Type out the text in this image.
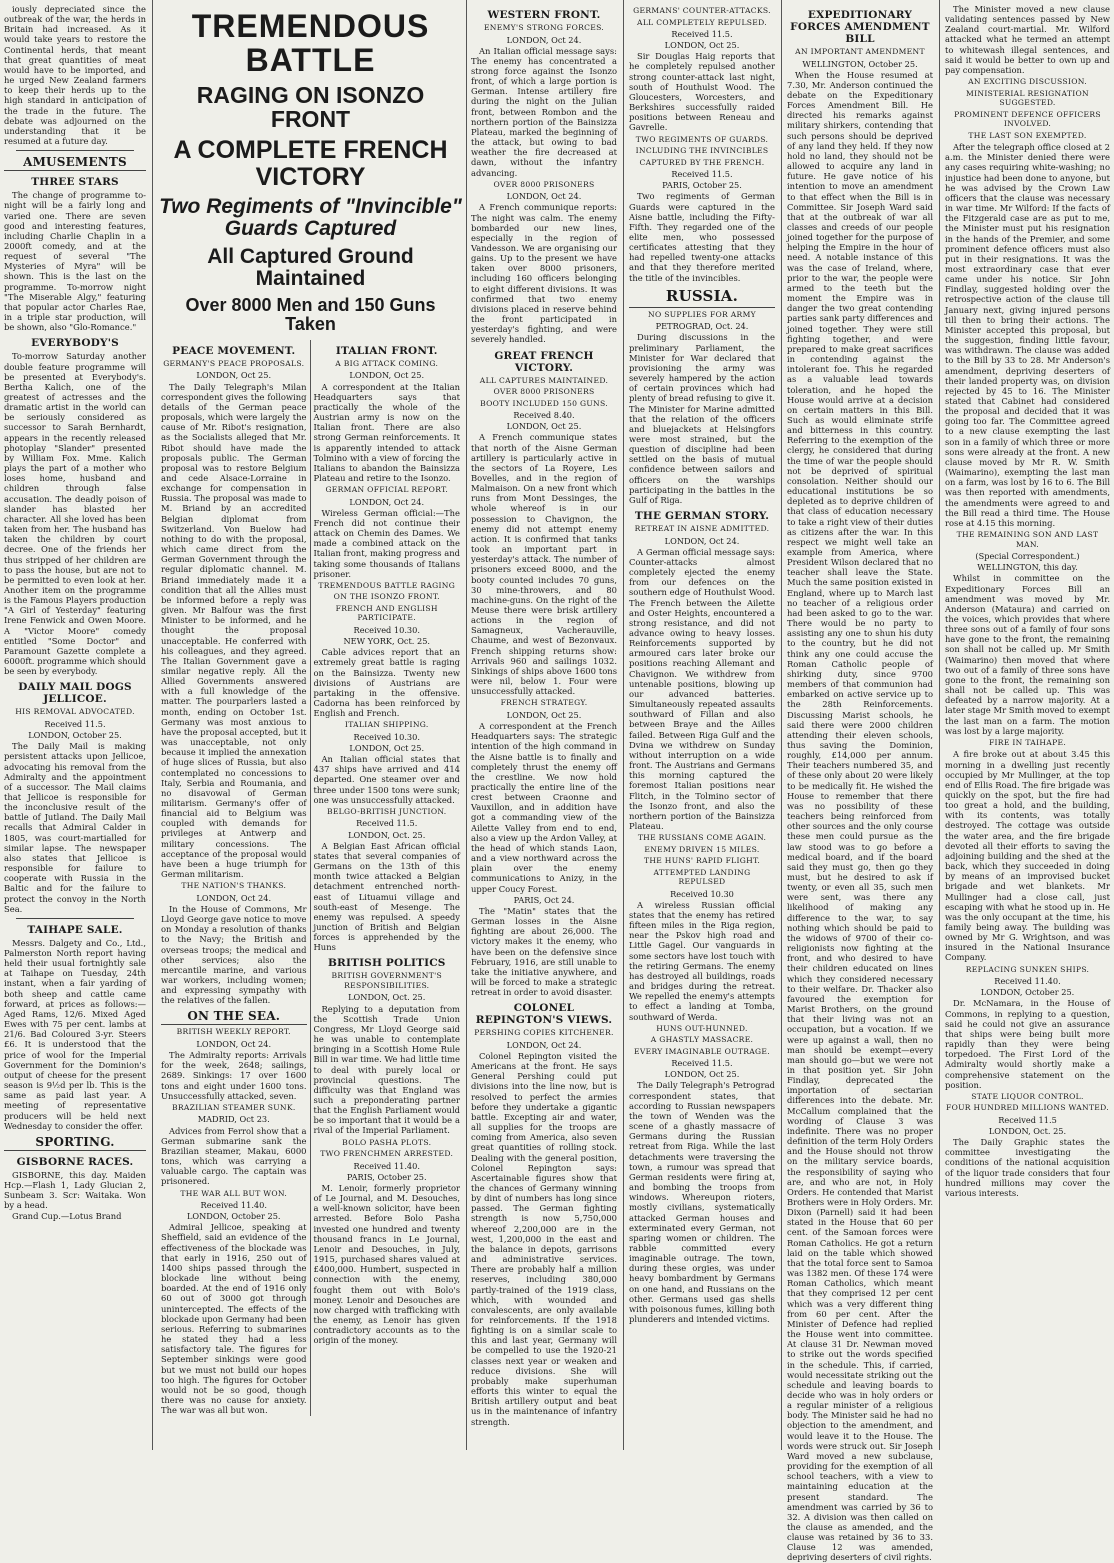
iously depreciated since the outbreak of the war, the herds in Britain had increased. As it would take years to restore the Continental herds, that meant that great quantities of meat would have to be imported, and he urged New Zealand farmers to keep their herds up to the high standard in anticipation of the trade in the future. The debate was adjourned on the understanding that it be resumed at a future day.

AMUSEMENTS
THREE STARS

The change of programme to-night will be a fairly long and varied one. There are seven good and interesting features, including Charlie Chaplin in a 2000ft comedy, and at the request of several "The Mysteries of Myra" will be shown. This is the last on the programme. To-morrow night "The Miserable Algy," featuring that popular actor Charles Rae, in a triple star production, will be shown, also "Glo-Romance."

EVERYBODY'S

To-morrow Saturday another double feature programme will be presented at Everybody's. Bertha Kalich, one of the greatest of actresses and the dramatic artist in the world can be seriously considered as successor to Sarah Bernhardt, appears in the recently released photoplay "Slander" presented by William Fox. Mme. Kalich plays the part of a mother who loses home, husband and children through false accusation. The deadly poison of slander has blasted her character. All she loved has been taken from her. The husband has taken the children by court decree. One of the friends her thus stripped of her children are to pass the house, but are not to be permitted to even look at her. Another item on the programme is the Famous Players production "A Girl of Yesterday" featuring Irene Fenwick and Owen Moore. A "Victor Moore" comedy entitled "Some Doctor" and Paramount Gazette complete a 6000ft. programme which should be seen by everybody.

DAILY MAIL DOGS JELLICOE.
HIS REMOVAL ADVOCATED.
Received 11.5.
LONDON, October 25.

The Daily Mail is making persistent attacks upon Jellicoe, advocating his removal from the Admiralty and the appointment of a successor. The Mail claims that Jellicoe is responsible for the inconclusive result of the battle of Jutland. The Daily Mail recalls that Admiral Calder in 1805, was court-martialled for similar lapse. The newspaper also states that Jellicoe is responsible for failure to cooperate with Russia in the Baltic and for the failure to protect the convoy in the North Sea.

TAIHAPE SALE.

Messrs. Dalgety and Co., Ltd., Palmerston North report having held their usual fortnightly sale at Taihape on Tuesday, 24th instant, when a fair yarding of both sheep and cattle came forward, at prices as follows:—Aged Rams, 12/6. Mixed Aged Ewes with 75 per cent. lambs at 21/6. Bad Coloured 3-yr. Steers £6. It is understood that the price of wool for the Imperial Government for the Dominion's output of cheese for the present season is 9½d per lb. This is the same as paid last year. A meeting of representative producers will be held next Wednesday to consider the offer.

SPORTING.
GISBORNE RACES.

GISBORNE, this day. Maiden Hcp.—Flash 1, Lady Glucian 2, Sunbeam 3. Scr: Waitaka. Won by a head.

Grand Cup.—Lotus Brand

TREMENDOUS BATTLE
RAGING ON ISONZO FRONT
A COMPLETE FRENCH VICTORY
Two Regiments of "Invincible" Guards Captured
All Captured Ground Maintained
Over 8000 Men and 150 Guns Taken
PEACE MOVEMENT.
GERMANY'S PEACE PROPOSALS.
LONDON, Oct 25.

The Daily Telegraph's Milan correspondent gives the following details of the German peace proposals, which were largely the cause of Mr. Ribot's resignation, as the Socialists alleged that Mr. Ribot should have made the proposals public. The German proposal was to restore Belgium and cede Alsace-Lorraine in exchange for compensation in Russia. The proposal was made to M. Briand by an accredited Belgian diplomat from Switzerland. Von Buelow had nothing to do with the proposal, which came direct from the German Government through the regular diplomatic channel. M. Briand immediately made it a condition that all the Allies must be informed before a reply was given. Mr Balfour was the first Minister to be informed, and he thought the proposal unacceptable. He conferred with his colleagues, and they agreed. The Italian Government gave a similar negative reply. All the Allied Governments answered with a full knowledge of the matter. The pourparlers lasted a month, ending on October 1st. Germany was most anxious to have the proposal accepted, but it was unacceptable, not only because it implied the annexation of huge slices of Russia, but also contemplated no concessions to Italy, Serbia and Roumania, and no disavowal of German militarism. Germany's offer of financial aid to Belgium was coupled with demands for privileges at Antwerp and military concessions. The acceptance of the proposal would have been a huge triumph for German militarism.

THE NATION'S THANKS.
LONDON, Oct 24.

In the House of Commons, Mr Lloyd George gave notice to move on Monday a resolution of thanks to the Navy; the British and overseas troops; the medical and other services; also the mercantile marine, and various war workers, including women; and expressing sympathy with the relatives of the fallen.

ON THE SEA.
BRITISH WEEKLY REPORT.
LONDON, Oct 24.

The Admiralty reports: Arrivals for the week, 2648; sailings, 2689. Sinkings: 17 over 1600 tons and eight under 1600 tons. Unsuccessfully attacked, seven.

BRAZILIAN STEAMER SUNK.
MADRID, Oct 23.

Advices from Ferrol show that a German submarine sank the Brazilian steamer, Makau, 6000 tons, which was carrying a valuable cargo. The captain was prisonered.

THE WAR ALL BUT WON.
Received 11.40.
LONDON, October 25.

Admiral Jellicoe, speaking at Sheffield, said an evidence of the effectiveness of the blockade was that early in 1916, 250 out of 1400 ships passed through the blockade line without being boarded. At the end of 1916 only 60 out of 3000 got through unintercepted. The effects of the blockade upon Germany had been serious. Referring to submarines he stated they had a less satisfactory tale. The figures for September sinkings were good but we must not build our hopes too high. The figures for October would not be so good, though there was no cause for anxiety. The war was all but won.

ITALIAN FRONT.
A BIG ATTACK COMING.
LONDON, Oct 25.

A correspondent at the Italian Headquarters says that practically the whole of the Austrian army is now on the Italian front. There are also strong German reinforcements. It is apparently intended to attack Tolmino with a view of forcing the Italians to abandon the Bainsizza Plateau and retire to the Isonzo.

GERMAN OFFICIAL REPORT.
LONDON, Oct 24.

Wireless German official:—The French did not continue their attack on Chemin des Dames. We made a combined attack on the Italian front, making progress and taking some thousands of Italians prisoner.

TREMENDOUS BATTLE RAGING
ON THE ISONZO FRONT.
FRENCH AND ENGLISH PARTICIPATE.
Received 10.30.
NEW YORK, Oct. 25.

Cable advices report that an extremely great battle is raging on the Bainsizza. Twenty new divisions of Austrians are partaking in the offensive. Cadorna has been reinforced by English and French.

ITALIAN SHIPPING.
Received 10.30.
LONDON, Oct 25.

An Italian official states that 437 ships have arrived and 414 departed. One steamer over and three under 1500 tons were sunk; one was unsuccessfully attacked.

BELGO-BRITISH JUNCTION.
Received 11.5.
LONDON, Oct. 25.

A Belgian East African official states that several companies of Germans on the 13th of this month twice attacked a Belgian detachment entrenched north-east of Lituamui village and south-east of Mesenge. The enemy was repulsed. A speedy junction of British and Belgian forces is apprehended by the Huns

BRITISH POLITICS
BRITISH GOVERNMENT'S RESPONSIBILITIES.
LONDON, Oct. 25.

Replying to a deputation from the Scottish Trade Union Congress, Mr Lloyd George said he was unable to contemplate bringing in a Scottish Home Rule Bill in war time. We had little time to deal with purely local or provincial questions. The difficulty was that England was such a preponderating partner that the English Parliament would be so important that it would be a rival of the Imperial Parliament.

BOLO PASHA PLOTS.
TWO FRENCHMEN ARRESTED.
Received 11.40.
PARIS, October 25.

M. Lenoir, formerly proprietor of Le Journal, and M. Desouches, a well-known solicitor, have been arrested. Before Bolo Pasha invested one hundred and twenty thousand francs in Le Journal, Lenoir and Desouches, in July, 1915, purchased shares valued at £400,000. Humbert, suspected in connection with the enemy, fought them out with Bolo's money. Lenoir and Desouches are now charged with trafficking with the enemy, as Lenoir has given contradictory accounts as to the origin of the money.

WESTERN FRONT.
ENEMY'S STRONG FORCES.
LONDON, Oct 24.

An Italian official message says: The enemy has concentrated a strong force against the Isonzo front, of which a large portion is German. Intense artillery fire during the night on the Julian front, between Rombon and the northern portion of the Bainsizza Plateau, marked the beginning of the attack, but owing to bad weather the fire decreased at dawn, without the infantry advancing.

OVER 8000 PRISONERS
LONDON, Oct 24.

A French communique reports: The night was calm. The enemy bombarded our new lines, especially in the region of Vandesson. We are organising our gains. Up to the present we have taken over 8000 prisoners, including 160 officers belonging to eight different divisions. It was confirmed that two enemy divisions placed in reserve behind the front participated in yesterday's fighting, and were severely handled.

GREAT FRENCH VICTORY.
ALL CAPTURES MAINTAINED.
OVER 8000 PRISONERS
BOOTY INCLUDED 150 GUNS.
Received 8.40.
LONDON, Oct 25.

A French communique states that north of the Aisne German artillery is particularly active in the sectors of La Royere, Les Bovelles, and in the region of Malmaison. On a new front which runs from Mont Dessinges, the whole whereof is in our possession to Chavignon, the enemy did not attempt enemy action. It is confirmed that tanks took an important part in yesterday's attack. The number of prisoners exceed 8000, and the booty counted includes 70 guns, 30 mine-throwers, and 80 machine-guns. On the right of the Meuse there were brisk artillery actions in the region of Samagneux, Vacherauville, Chaume, and west of Bezonvaux. French shipping returns show: Arrivals 960 and sailings 1032. Sinkings of ships above 1600 tons were nil, below 1. Four were unsuccessfully attacked.

FRENCH STRATEGY.
LONDON, Oct 25.

A correspondent at the French Headquarters says: The strategic intention of the high command in the Aisne battle is to finally and completely thrust the enemy off the crestline. We now hold practically the entire line of the crest between Craonne and Vauxillon, and in addition have got a commanding view of the Ailette Valley from end to end, also a view up the Ardon Valley, at the head of which stands Laon, and a view northward across the plain over the enemy communications to Anizy, in the upper Coucy Forest.

PARIS, Oct 24.

The "Matin" states that the German losses in the Aisne fighting are about 26,000. The victory makes it the enemy, who have been on the defensive since February, 1916, are still unable to take the initiative anywhere, and will be forced to make a strategic retreat in order to avoid disaster.

COLONEL REPINGTON'S VIEWS.
PERSHING COPIES KITCHENER.
LONDON, Oct 24.

Colonel Repington visited the Americans at the front. He says General Pershing could put divisions into the line now, but is resolved to perfect the armies before they undertake a gigantic battle. Excepting air and water, all supplies for the troops are coming from America, also seven great quantities of rolling stock. Dealing with the general position, Colonel Repington says: Ascertainable figures show that the chances of Germany winning by dint of numbers has long since passed. The German fighting strength is now 5,750,000 whereof 2,200,000 are in the west, 1,200,000 in the east and the balance in depots, garrisons and administrative services. There are probably half a million reserves, including 380,000 partly-trained of the 1919 class, which, with wounded and convalescents, are only available for reinforcements. If the 1918 fighting is on a similar scale to this and last year, Germany will be compelled to use the 1920-21 classes next year or weaken and reduce divisions. She will probably make superhuman efforts this winter to equal the British artillery output and beat us in the maintenance of infantry strength.

GERMANS' COUNTER-ATTACKS.
ALL COMPLETELY REPULSED.
Received 11.5.
LONDON, Oct 25.

Sir Douglas Haig reports that he completely repulsed another strong counter-attack last night, south of Houthulst Wood. The Gloucesters, Worcesters, and Berkshires successfully raided positions between Reneau and Gavrelle.

TWO REGIMENTS OF GUARDS.
INCLUDING THE INVINCIBLES
CAPTURED BY THE FRENCH.
Received 11.5.
PARIS, October 25.

Two regiments of German Guards were captured in the Aisne battle, including the Fifty-Fifth. They regarded one of the elite men, who possessed certificates attesting that they had repelled twenty-one attacks and that they therefore merited the title of the invincibles.

RUSSIA.
NO SUPPLIES FOR ARMY
PETROGRAD, Oct. 24.

During discussions in the preliminary Parliament, the Minister for War declared that provisioning the army was severely hampered by the action of certain provinces which had plenty of bread refusing to give it. The Minister for Marine admitted that the relation of the officers and bluejackets at Helsingfors were most strained, but the question of discipline had been settled on the basis of mutual confidence between sailors and officers on the warships participating in the battles in the Gulf of Riga.

THE GERMAN STORY.
RETREAT IN AISNE ADMITTED.
LONDON, Oct 24.

A German official message says: Counter-attacks almost completely ejected the enemy from our defences on the southern edge of Houthulst Wood. The French between the Ailette and Oster Heights, encountered a strong resistance, and did not advance owing to heavy losses. Reinforcements supported by armoured cars later broke our positions reaching Allemant and Chavignon. We withdrew from untenable positions, blowing up our advanced batteries. Simultaneously repeated assaults southward of Fillan and also between Braye and the Ailles failed. Between Riga Gulf and the Dvina we withdrew on Sunday without interruption on a wide front. The Austrians and Germans this morning captured the foremost Italian positions near Flitch, in the Tolmino sector of the Isonzo front, and also the northern portion of the Bainsizza Plateau.

THE RUSSIANS COME AGAIN.
ENEMY DRIVEN 15 MILES.
THE HUNS' RAPID FLIGHT.
ATTEMPTED LANDING REPULSED
Received 10.30

A wireless Russian official states that the enemy has retired fifteen miles in the Riga region, near the Pskov high road and Little Gagel. Our vanguards in some sectors have lost touch with the retiring Germans. The enemy has destroyed all buildings, roads and bridges during the retreat. We repelled the enemy's attempts to effect a landing at Tomba, southward of Werda.

HUNS OUT-HUNNED.
A GHASTLY MASSACRE.
EVERY IMAGINABLE OUTRAGE.
Received 11.5.
LONDON, Oct 25.

The Daily Telegraph's Petrograd correspondent states, that according to Russian newspapers the town of Wenden was the scene of a ghastly massacre of Germans during the Russian retreat from Riga. While the last detachments were traversing the town, a rumour was spread that German residents were firing at, and bombing the troops from windows. Whereupon rioters, mostly civilians, systematically attacked German houses and exterminated every German, not sparing women or children. The rabble committed every imaginable outrage. The town, during these orgies, was under heavy bombardment by Germans on one hand, and Russians on the other. Germans used gas shells with poisonous fumes, killing both plunderers and intended victims.

EXPEDITIONARY FORCES AMENDMENT BILL
AN IMPORTANT AMENDMENT
WELLINGTON, October 25.

When the House resumed at 7.30, Mr. Anderson continued the debate on the Expeditionary Forces Amendment Bill. He directed his remarks against military shirkers, contending that such persons should be deprived of any land they held. If they now hold no land, they should not be allowed to acquire any land in future. He gave notice of his intention to move an amendment to that effect when the Bill is in Committee. Sir Joseph Ward said that at the outbreak of war all classes and creeds of our people joined together for the purpose of helping the Empire in the hour of need. A notable instance of this was the case of Ireland, where, prior to the war, the people were armed to the teeth but the moment the Empire was in danger the two great contending parties sank party differences and joined together. They were still fighting together, and were prepared to make great sacrifices in contending against the intolerant foe. This he regarded as a valuable lead towards toleration, and he hoped the House would arrive at a decision on certain matters in this Bill. Such as would eliminate strife and bitterness in this country. Referring to the exemption of the clergy, he considered that during the time of war the people should not be deprived of spiritual consolation. Neither should our educational institutions be so depleted as to deprive children of that class of education necessary to take a right view of their duties as citizens after the war. In this respect we might well take an example from America, where President Wilson declared that no teacher shall leave the State. Much the same position existed in England, where up to March last no teacher of a religious order had been asked to go to the war. There would be no party to assisting any one to shun his duty to the country, but he did not think any one could accuse the Roman Catholic people of shirking duty, since 9700 members of that communion had embarked on active service up to the 28th Reinforcements. Discussing Marist schools, he said there were 2000 children attending their eleven schools, thus saving the Dominion, roughly, £14,000 per annum. Their teachers numbered 35, and of these only about 20 were likely to be medically fit. He wished the House to remember that there was no possibility of these teachers being reinforced from other sources and the only course these men could pursue as the law stood was to go before a medical board, and if the board said they must go, then go they must, but he desired to ask if twenty, or even all 35, such men were sent, was there any likelihood of making any difference to the war, to say nothing which should be paid to the widows of 9700 of their co-religionists now fighting at the front, and who desired to have their children educated on lines which they considered necessary to their welfare. Dr. Thacker also favoured the exemption for Marist Brothers, on the ground that their living was not an occupation, but a vocation. If we were up against a wall, then no man should be exempt—every man should go—but we were not in that position yet. Sir John Findlay, deprecated the importation of sectarian differences into the debate. Mr. McCallum complained that the wording of Clause 3 was indefinite. There was no proper definition of the term Holy Orders and the House should not throw on the military service boards, the responsibility of saying who are, and who are not, in Holy Orders. He contended that Marist Brothers were in Holy Orders. Mr. Dixon (Parnell) said it had been stated in the House that 60 per cent. of the Samoan forces were Roman Catholics. He got a return laid on the table which showed that the total force sent to Samoa was 1382 men. Of these 174 were Roman Catholics, which meant that they comprised 12 per cent which was a very different thing from 60 per cent. After the Minister of Defence had replied the House went into committee. At clause 31 Dr. Newman moved to strike out the words specified in the schedule. This, if carried, would necessitate striking out the schedule and leaving boards to decide who was in holy orders or a regular minister of a religious body. The Minister said he had no objection to the amendment, and would leave it to the House. The words were struck out. Sir Joseph Ward moved a new subclause, providing for the exemption of all school teachers, with a view to maintaining education at the present standard. The amendment was carried by 36 to 32. A division was then called on the clause as amended, and the clause was retained by 36 to 33. Clause 12 was amended, depriving deserters of civil rights.

The Minister moved a new clause validating sentences passed by New Zealand court-martial. Mr. Wilford attacked what he termed an attempt to whitewash illegal sentences, and said it would be better to own up and pay compensation.

AN EXCITING DISCUSSION.
MINISTERIAL RESIGNATION SUGGESTED.
PROMINENT DEFENCE OFFICERS INVOLVED.
THE LAST SON EXEMPTED.

After the telegraph office closed at 2 a.m. the Minister denied there were any cases requiring white-washing; no injustice had been done to anyone, but he was advised by the Crown Law officers that the clause was necessary in war time. Mr Wilford: If the facts of the Fitzgerald case are as put to me, the Minister must put his resignation in the hands of the Premier, and some prominent defence officers must also put in their resignations. It was the most extraordinary case that ever came under his notice. Sir John Findlay, suggested holding over the retrospective action of the clause till January next, giving injured persons till then to bring their actions. The Minister accepted this proposal, but the suggestion, finding little favour, was withdrawn. The clause was added to the Bill by 33 to 28. Mr Anderson's amendment, depriving deserters of their landed property was, on division rejected by 45 to 16. The Minister stated that Cabinet had considered the proposal and decided that it was going too far. The Committee agreed to a new clause exempting the last son in a family of which three or more sons were already at the front. A new clause moved by Mr R. W. Smith (Waimarino), exempting the last man on a farm, was lost by 16 to 6. The Bill was then reported with amendments, the amendments were agreed to and the Bill read a third time. The House rose at 4.15 this morning.

THE REMAINING SON AND LAST MAN.
(Special Correspondent.)
WELLINGTON, this day.

Whilst in committee on the Expeditionary Forces Bill an amendment was moved by Mr. Anderson (Mataura) and carried on the voices, which provides that where three sons out of a family of four sons have gone to the front, the remaining son shall not be called up. Mr Smith (Waimarino) then moved that where two out of a family of three sons have gone to the front, the remaining son shall not be called up. This was defeated by a narrow majority. At a later stage Mr Smith moved to exempt the last man on a farm. The motion was lost by a large majority.

FIRE IN TAIHAPE.

A fire broke out at about 3.45 this morning in a dwelling just recently occupied by Mr Mullinger, at the top end of Ellis Road. The fire brigade was quickly on the spot, but the fire had too great a hold, and the building, with its contents, was totally destroyed. The cottage was outside the water area, and the fire brigade devoted all their efforts to saving the adjoining building and the shed at the back, which they succeeded in doing by means of an improvised bucket brigade and wet blankets. Mr Mullinger had a close call, just escaping with what he stood up in. He was the only occupant at the time, his family being away. The building was owned by Mr G. Wrightson, and was insured in the National Insurance Company.

REPLACING SUNKEN SHIPS.
Received 11.40.
LONDON, October 25.

Dr. McNamara, in the House of Commons, in replying to a question, said he could not give an assurance that ships were being built more rapidly than they were being torpedoed. The First Lord of the Admiralty would shortly make a comprehensive statement on the position.

STATE LIQUOR CONTROL.
FOUR HUNDRED MILLIONS WANTED.
Received 11.5
LONDON, Oct. 25.

The Daily Graphic states the committee investigating the conditions of the national acquisition of the liquor trade considers that four hundred millions may cover the various interests.
